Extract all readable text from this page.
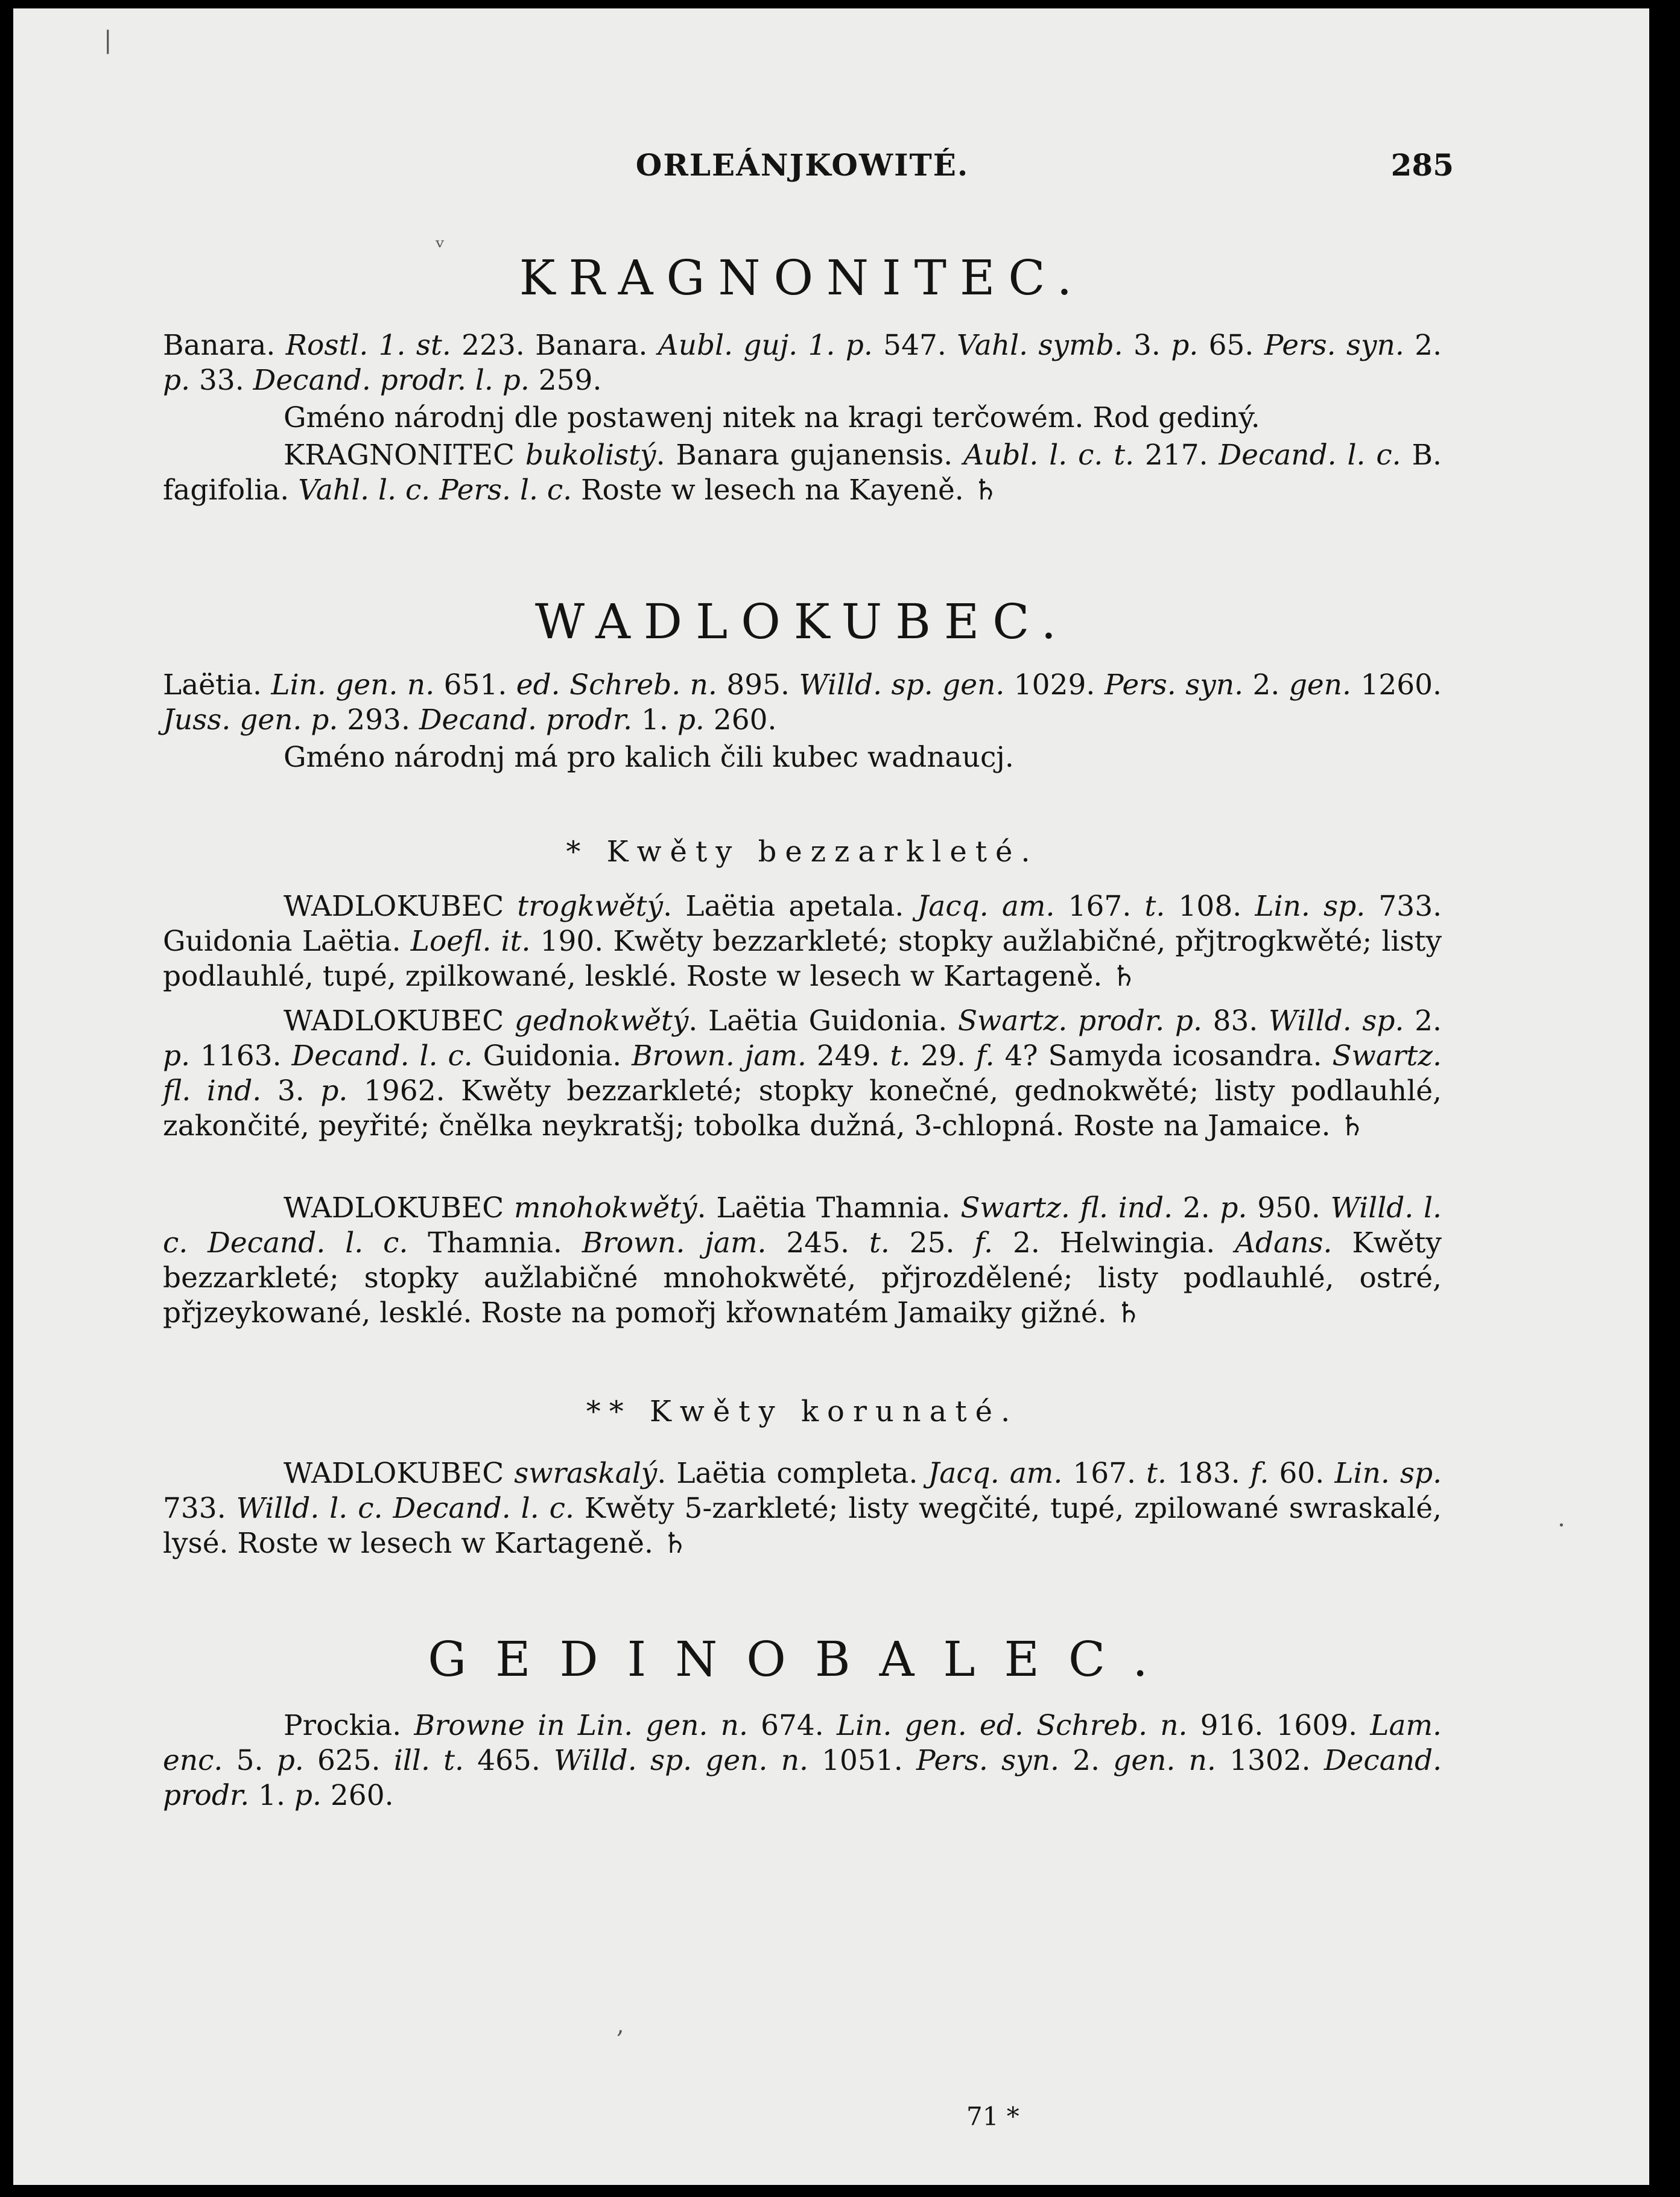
ORLEÁNJKOWITÉ.	285
KRAGNONITEC.
Banara. Rostl. 1. st. 223. Banara. Aubl. guj. 1. p. 547. Vahl. symb. 3. p. 65. Pers. syn. 2. p. 33. Decand. prodr. l. p. 259.
Gméno národnj dle postawenj nitek na kragi terčowém. Rod gediný.
KRAGNONITEC bukolistý. Banara gujanensis. Aubl. l. c. t. 217. Decand. l. c. B. fagifolia. Vahl. l. c. Pers. l. c. Roste w lesech na Kayeně. ♄
WADLOKUBEC.
Laëtia. Lin. gen. n. 651. ed. Schreb. n. 895. Willd. sp. gen. 1029. Pers. syn. 2. gen. 1260. Juss. gen. p. 293. Decand. prodr. 1. p. 260.
Gméno národnj má pro kalich čili kubec wadnaucj.
* Kwěty bezzarkleté.
WADLOKUBEC trogkwětý. Laëtia apetala. Jacq. am. 167. t. 108. Lin. sp. 733. Guidonia Laëtia. Loefl. it. 190. Kwěty bezzarkleté; stopky aužlabičné, přjtrogkwěté; listy podlauhlé, tupé, zpilkowané, lesklé. Roste w lesech w Kartageně. ♄
WADLOKUBEC gednokwětý. Laëtia Guidonia. Swartz. prodr. p. 83. Willd. sp. 2. p. 1163. Decand. l. c. Guidonia. Brown. jam. 249. t. 29. f. 4? Samyda icosandra. Swartz. fl. ind. 3. p. 1962. Kwěty bezzarkleté; stopky konečné, gednokwěté; listy podlauhlé, zakončité, peyřité; čnělka neykratšj; tobolka dužná, 3-chlopná. Roste na Jamaice. ♄
WADLOKUBEC mnohokwětý. Laëtia Thamnia. Swartz. fl. ind. 2. p. 950. Willd. l. c. Decand. l. c. Thamnia. Brown. jam. 245. t. 25. f. 2. Helwingia. Adans. Kwěty bezzarkleté; stopky aužlabičné mnohokwěté, přjrozdělené; listy podlauhlé, ostré, přjzeykowané, lesklé. Roste na pomořj křownatém Jamaiky gižné. ♄
** Kwěty korunaté.
WADLOKUBEC swraskalý. Laëtia completa. Jacq. am. 167. t. 183. f. 60. Lin. sp. 733. Willd. l. c. Decand. l. c. Kwěty 5-zarkleté; listy wegčité, tupé, zpilowané swraskalé, lysé. Roste w lesech w Kartageně. ♄
GEDINOBALEC.
Prockia. Browne in Lin. gen. n. 674. Lin. gen. ed. Schreb. n. 916. 1609. Lam. enc. 5. p. 625. ill. t. 465. Willd. sp. gen. n. 1051. Pers. syn. 2. gen. n. 1302. Decand. prodr. 1. p. 260.
71 *
|
ᵥ
.
,
